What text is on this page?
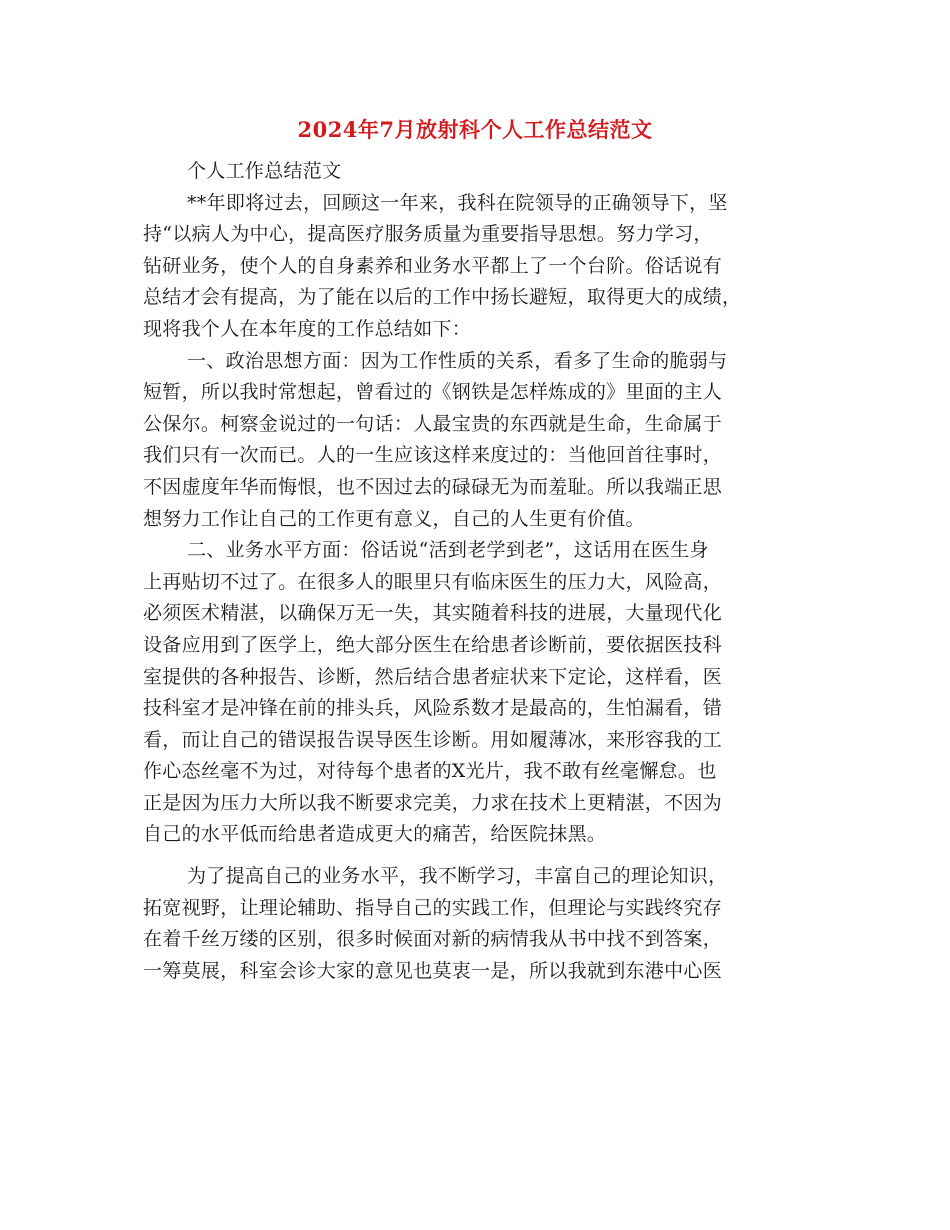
2024年7月放射科个人工作总结范文
个人工作总结范文
**年即将过去，回顾这一年来，我科在院领导的正确领导下，坚
持“以病人为中心，提高医疗服务质量为重要指导思想。努力学习，
钻研业务，使个人的自身素养和业务水平都上了一个台阶。俗话说有
总结才会有提高，为了能在以后的工作中扬长避短，取得更大的成绩，
现将我个人在本年度的工作总结如下：
一、政治思想方面：因为工作性质的关系，看多了生命的脆弱与
短暂，所以我时常想起，曾看过的《钢铁是怎样炼成的》里面的主人
公保尔。柯察金说过的一句话：人最宝贵的东西就是生命，生命属于
我们只有一次而已。人的一生应该这样来度过的：当他回首往事时，
不因虚度年华而悔恨，也不因过去的碌碌无为而羞耻。所以我端正思
想努力工作让自己的工作更有意义，自己的人生更有价值。
二、业务水平方面：俗话说“活到老学到老”，这话用在医生身
上再贴切不过了。在很多人的眼里只有临床医生的压力大，风险高，
必须医术精湛，以确保万无一失，其实随着科技的进展，大量现代化
设备应用到了医学上，绝大部分医生在给患者诊断前，要依据医技科
室提供的各种报告、诊断，然后结合患者症状来下定论，这样看，医
技科室才是冲锋在前的排头兵，风险系数才是最高的，生怕漏看，错
看，而让自己的错误报告误导医生诊断。用如履薄冰，来形容我的工
作心态丝毫不为过，对待每个患者的X光片，我不敢有丝毫懈怠。也
正是因为压力大所以我不断要求完美，力求在技术上更精湛，不因为
自己的水平低而给患者造成更大的痛苦，给医院抹黑。
为了提高自己的业务水平，我不断学习，丰富自己的理论知识，
拓宽视野，让理论辅助、指导自己的实践工作，但理论与实践终究存
在着千丝万缕的区别，很多时候面对新的病情我从书中找不到答案，
一筹莫展，科室会诊大家的意见也莫衷一是，所以我就到东港中心医
